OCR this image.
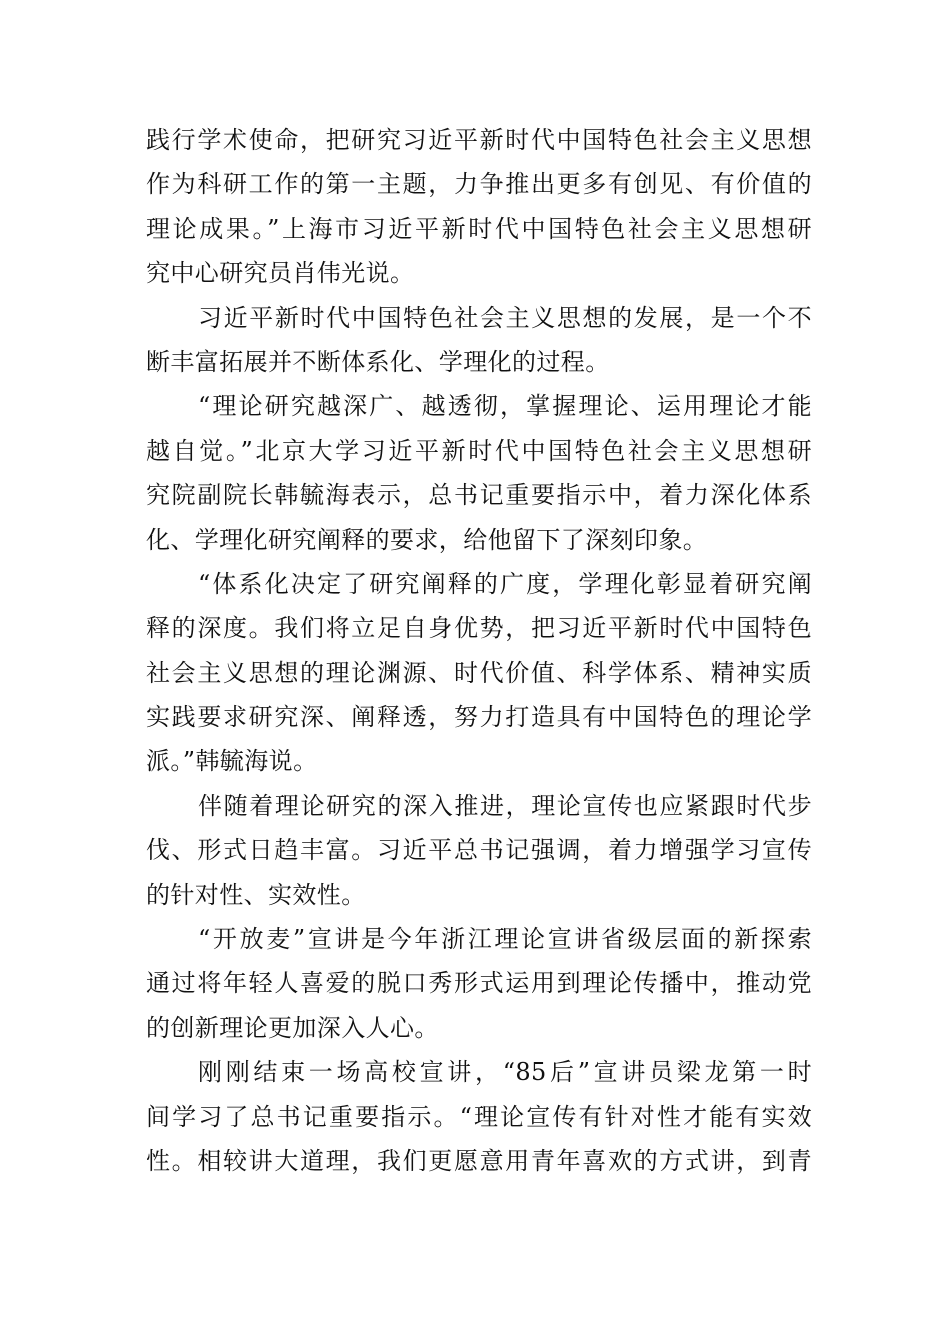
践行学术使命，把研究习近平新时代中国特色社会主义思想
作为科研工作的第一主题，力争推出更多有创见、有价值的
理论成果。”上海市习近平新时代中国特色社会主义思想研
究中心研究员肖伟光说。
习近平新时代中国特色社会主义思想的发展，是一个不
断丰富拓展并不断体系化、学理化的过程。
“理论研究越深广、越透彻，掌握理论、运用理论才能
越自觉。”北京大学习近平新时代中国特色社会主义思想研
究院副院长韩毓海表示，总书记重要指示中，着力深化体系
化、学理化研究阐释的要求，给他留下了深刻印象。
“体系化决定了研究阐释的广度，学理化彰显着研究阐
释的深度。我们将立足自身优势，把习近平新时代中国特色
社会主义思想的理论渊源、时代价值、科学体系、精神实质
实践要求研究深、阐释透，努力打造具有中国特色的理论学
派。”韩毓海说。
伴随着理论研究的深入推进，理论宣传也应紧跟时代步
伐、形式日趋丰富。习近平总书记强调，着力增强学习宣传
的针对性、实效性。
“开放麦”宣讲是今年浙江理论宣讲省级层面的新探索
通过将年轻人喜爱的脱口秀形式运用到理论传播中，推动党
的创新理论更加深入人心。
刚刚结束一场高校宣讲，“85后”宣讲员梁龙第一时
间学习了总书记重要指示。“理论宣传有针对性才能有实效
性。相较讲大道理，我们更愿意用青年喜欢的方式讲，到青
